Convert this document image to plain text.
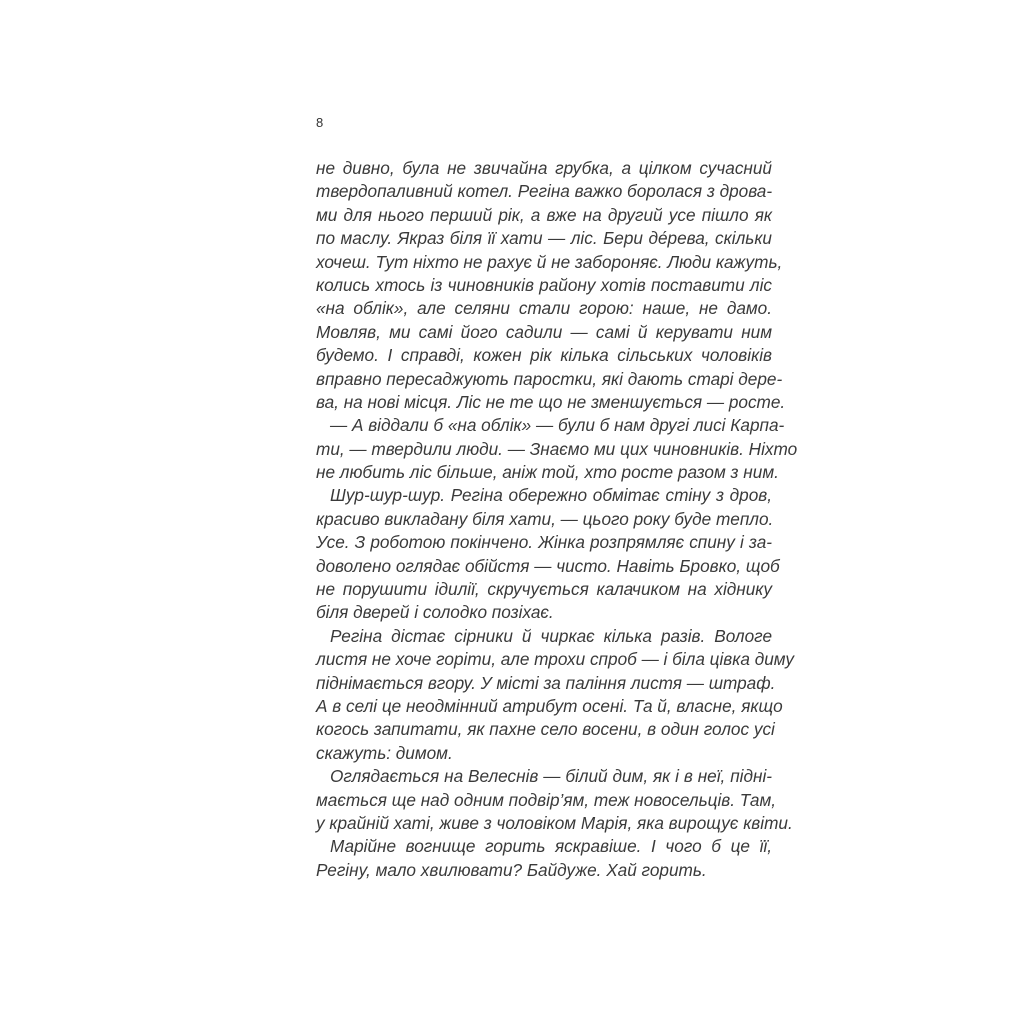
8
не дивно, була не звичайна грубка, а цілком сучасний
твердопаливний котел. Регіна важко боролася з дрова-
ми для нього перший рік, а вже на другий усе пішло як
по маслу. Якраз біля її хати — ліс. Бери де́рева, скільки
хочеш. Тут ніхто не рахує й не забороняє. Люди кажуть,
колись хтось із чиновників району хотів поставити ліс
«на облік», але селяни стали горою: наше, не дамо.
Мовляв, ми самі його садили — самі й керувати ним
будемо. І справді, кожен рік кілька сільських чоловіків
вправно пересаджують паростки, які дають старі дере-
ва, на нові місця. Ліс не те що не зменшується — росте.
— А віддали б «на облік» — були б нам другі лисі Карпа-
ти, — твердили люди. — Знаємо ми цих чиновників. Ніхто
не любить ліс більше, аніж той, хто росте разом з ним.
Шур-шур-шур. Регіна обережно обмітає стіну з дров,
красиво викладану біля хати, — цього року буде тепло.
Усе. З роботою покінчено. Жінка розпрямляє спину і за-
доволено оглядає обійстя — чисто. Навіть Бровко, щоб
не порушити ідилії, скручується калачиком на хіднику
біля дверей і солодко позіхає.
Регіна дістає сірники й чиркає кілька разів. Вологе
листя не хоче горіти, але трохи спроб — і біла цівка диму
піднімається вгору. У місті за паління листя — штраф.
А в селі це неодмінний атрибут осені. Та й, власне, якщо
когось запитати, як пахне село восени, в один голос усі
скажуть: димом.
Оглядається на Велеснів — білий дим, як і в неї, підні-
мається ще над одним подвір’ям, теж новосельців. Там,
у крайній хаті, живе з чоловіком Марія, яка вирощує квіти.
Марійне вогнище горить яскравіше. І чого б це її,
Регіну, мало хвилювати? Байдуже. Хай горить.
